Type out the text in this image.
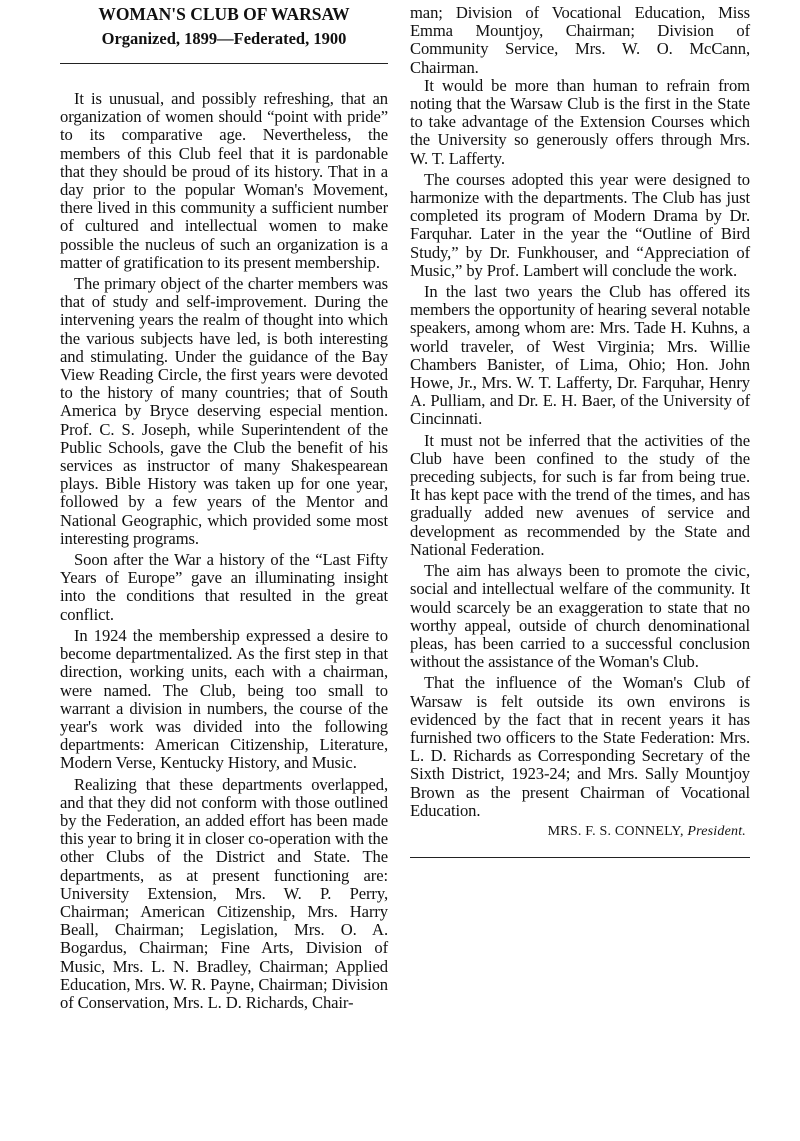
WOMAN'S CLUB OF WARSAW
Organized, 1899—Federated, 1900

It is unusual, and possibly refreshing, that an organization of women should “point with pride” to its comparative age. Nevertheless, the members of this Club feel that it is pardonable that they should be proud of its history. That in a day prior to the popular Woman's Movement, there lived in this community a sufficient number of cultured and intellectual women to make possible the nucleus of such an organization is a matter of gratification to its present membership.

The primary object of the charter members was that of study and self-improvement. During the intervening years the realm of thought into which the various subjects have led, is both interesting and stimulating. Under the guidance of the Bay View Reading Circle, the first years were devoted to the history of many countries; that of South America by Bryce deserving especial mention. Prof. C. S. Joseph, while Superintendent of the Public Schools, gave the Club the benefit of his services as instructor of many Shakespearean plays. Bible History was taken up for one year, followed by a few years of the Mentor and National Geographic, which provided some most interesting programs.

Soon after the War a history of the “Last Fifty Years of Europe” gave an illuminating insight into the conditions that resulted in the great conflict.

In 1924 the membership expressed a desire to become departmentalized. As the first step in that direction, working units, each with a chairman, were named. The Club, being too small to warrant a division in numbers, the course of the year's work was divided into the following departments: American Citizenship, Literature, Modern Verse, Kentucky History, and Music.

Realizing that these departments overlapped, and that they did not conform with those outlined by the Federation, an added effort has been made this year to bring it in closer co-operation with the other Clubs of the District and State. The departments, as at present functioning are: University Extension, Mrs. W. P. Perry, Chairman; American Citizenship, Mrs. Harry Beall, Chairman; Legislation, Mrs. O. A. Bogardus, Chairman; Fine Arts, Division of Music, Mrs. L. N. Bradley, Chairman; Applied Education, Mrs. W. R. Payne, Chairman; Division of Conservation, Mrs. L. D. Richards, Chair-

man; Division of Vocational Education, Miss Emma Mountjoy, Chairman; Division of Community Service, Mrs. W. O. McCann, Chairman.

It would be more than human to refrain from noting that the Warsaw Club is the first in the State to take advantage of the Extension Courses which the University so generously offers through Mrs. W. T. Lafferty.

The courses adopted this year were designed to harmonize with the departments. The Club has just completed its program of Modern Drama by Dr. Farquhar. Later in the year the “Outline of Bird Study,” by Dr. Funkhouser, and “Appreciation of Music,” by Prof. Lambert will conclude the work.

In the last two years the Club has offered its members the opportunity of hearing several notable speakers, among whom are: Mrs. Tade H. Kuhns, a world traveler, of West Virginia; Mrs. Willie Chambers Banister, of Lima, Ohio; Hon. John Howe, Jr., Mrs. W. T. Lafferty, Dr. Farquhar, Henry A. Pulliam, and Dr. E. H. Baer, of the University of Cincinnati.

It must not be inferred that the activities of the Club have been confined to the study of the preceding subjects, for such is far from being true. It has kept pace with the trend of the times, and has gradually added new avenues of service and development as recommended by the State and National Federation.

The aim has always been to promote the civic, social and intellectual welfare of the community. It would scarcely be an exaggeration to state that no worthy appeal, outside of church denominational pleas, has been carried to a successful conclusion without the assistance of the Woman's Club.

That the influence of the Woman's Club of Warsaw is felt outside its own environs is evidenced by the fact that in recent years it has furnished two officers to the State Federation: Mrs. L. D. Richards as Corresponding Secretary of the Sixth District, 1923-24; and Mrs. Sally Mountjoy Brown as the present Chairman of Vocational Education.

MRS. F. S. CONNELY, President.
